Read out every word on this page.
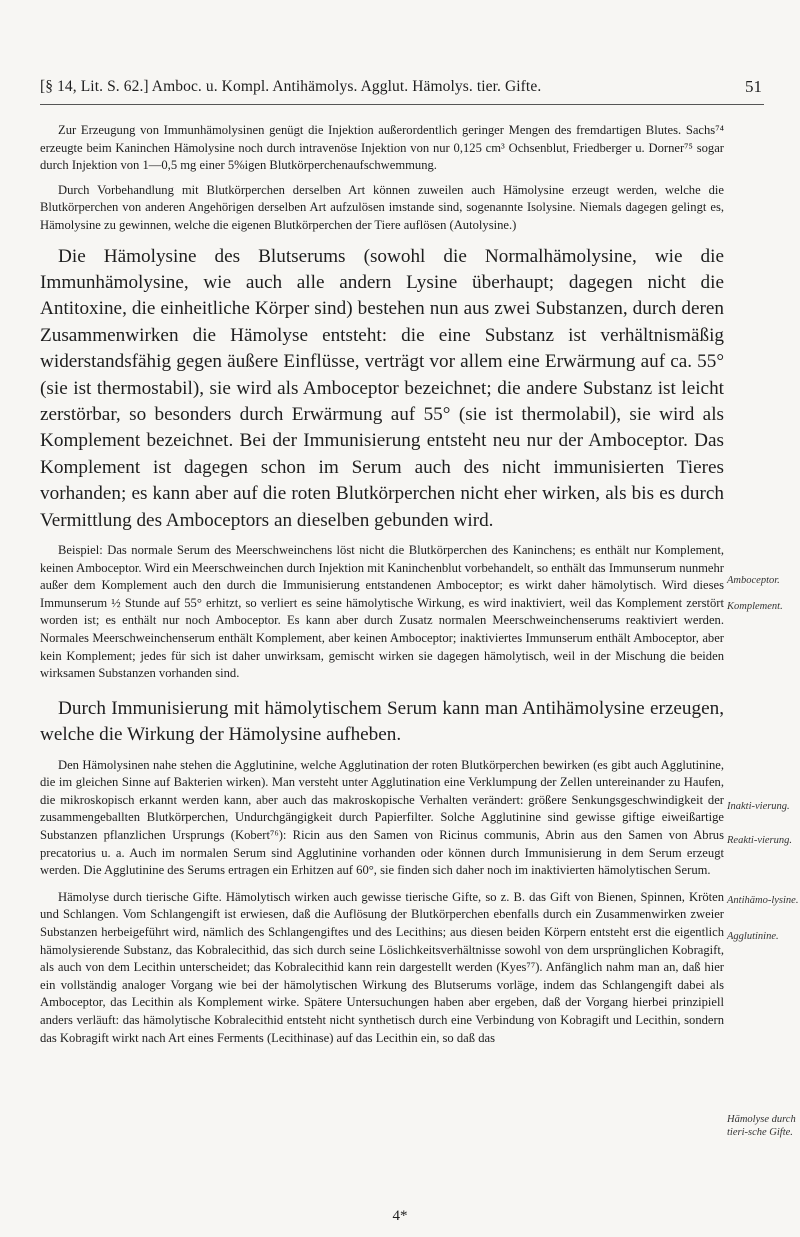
[§ 14, Lit. S. 62.] Amboc. u. Kompl. Antihämolys. Agglut. Hämolys. tier. Gifte.	51

Zur Erzeugung von Immunhämolysinen genügt die Injektion außerordentlich geringer Mengen des fremdartigen Blutes. Sachs⁷⁴ erzeugte beim Kaninchen Hämolysine noch durch intravenöse Injektion von nur 0,125 cm³ Ochsenblut, Friedberger u. Dorner⁷⁵ sogar durch Injektion von 1—0,5 mg einer 5%igen Blutkörperchenaufschwemmung.

Durch Vorbehandlung mit Blutkörperchen derselben Art können zuweilen auch Hämolysine erzeugt werden, welche die Blutkörperchen von anderen Angehörigen derselben Art aufzulösen imstande sind, sogenannte Isolysine. Niemals dagegen gelingt es, Hämolysine zu gewinnen, welche die eigenen Blutkörperchen der Tiere auflösen (Autolysine.)

Die Hämolysine des Blutserums (sowohl die Normalhämolysine, wie die Immunhämolysine, wie auch alle andern Lysine überhaupt; dagegen nicht die Antitoxine, die einheitliche Körper sind) bestehen nun aus zwei Substanzen, durch deren Zusammenwirken die Hämolyse entsteht: die eine Substanz ist verhältnismäßig widerstandsfähig gegen äußere Einflüsse, verträgt vor allem eine Erwärmung auf ca. 55° (sie ist thermostabil), sie wird als Amboceptor bezeichnet; die andere Substanz ist leicht zerstörbar, so besonders durch Erwärmung auf 55° (sie ist thermolabil), sie wird als Komplement bezeichnet. Bei der Immunisierung entsteht neu nur der Amboceptor. Das Komplement ist dagegen schon im Serum auch des nicht immunisierten Tieres vorhanden; es kann aber auf die roten Blutkörperchen nicht eher wirken, als bis es durch Vermittlung des Amboceptors an dieselben gebunden wird.

Beispiel: Das normale Serum des Meerschweinchens löst nicht die Blutkörperchen des Kaninchens; es enthält nur Komplement, keinen Amboceptor. Wird ein Meerschweinchen durch Injektion mit Kaninchenblut vorbehandelt, so enthält das Immunserum nunmehr außer dem Komplement auch den durch die Immunisierung entstandenen Amboceptor; es wirkt daher hämolytisch. Wird dieses Immunserum ½ Stunde auf 55° erhitzt, so verliert es seine hämolytische Wirkung, es wird inaktiviert, weil das Komplement zerstört worden ist; es enthält nur noch Amboceptor. Es kann aber durch Zusatz normalen Meerschweinchenserums reaktiviert werden. Normales Meerschweinchenserum enthält Komplement, aber keinen Amboceptor; inaktiviertes Immunserum enthält Amboceptor, aber kein Komplement; jedes für sich ist daher unwirksam, gemischt wirken sie dagegen hämolytisch, weil in der Mischung die beiden wirksamen Substanzen vorhanden sind.

Durch Immunisierung mit hämolytischem Serum kann man Antihämolysine erzeugen, welche die Wirkung der Hämolysine aufheben.

Den Hämolysinen nahe stehen die Agglutinine, welche Agglutination der roten Blutkörperchen bewirken (es gibt auch Agglutinine, die im gleichen Sinne auf Bakterien wirken). Man versteht unter Agglutination eine Verklumpung der Zellen untereinander zu Haufen, die mikroskopisch erkannt werden kann, aber auch das makroskopische Verhalten verändert: größere Senkungsgeschwindigkeit der zusammengeballten Blutkörperchen, Undurchgängigkeit durch Papierfilter. Solche Agglutinine sind gewisse giftige eiweißartige Substanzen pflanzlichen Ursprungs (Kobert⁷⁶): Ricin aus den Samen von Ricinus communis, Abrin aus den Samen von Abrus precatorius u. a. Auch im normalen Serum sind Agglutinine vorhanden oder können durch Immunisierung in dem Serum erzeugt werden. Die Agglutinine des Serums ertragen ein Erhitzen auf 60°, sie finden sich daher noch im inaktivierten hämolytischen Serum.

Hämolyse durch tierische Gifte. Hämolytisch wirken auch gewisse tierische Gifte, so z. B. das Gift von Bienen, Spinnen, Kröten und Schlangen. Vom Schlangengift ist erwiesen, daß die Auflösung der Blutkörperchen ebenfalls durch ein Zusammenwirken zweier Substanzen herbeigeführt wird, nämlich des Schlangengiftes und des Lecithins; aus diesen beiden Körpern entsteht erst die eigentlich hämolysierende Substanz, das Kobralecithid, das sich durch seine Löslichkeitsverhältnisse sowohl von dem ursprünglichen Kobragift, als auch von dem Lecithin unterscheidet; das Kobralecithid kann rein dargestellt werden (Kyes⁷⁷). Anfänglich nahm man an, daß hier ein vollständig analoger Vorgang wie bei der hämolytischen Wirkung des Blutserums vorläge, indem das Schlangengift dabei als Amboceptor, das Lecithin als Komplement wirke. Spätere Untersuchungen haben aber ergeben, daß der Vorgang hierbei prinzipiell anders verläuft: das hämolytische Kobralecithid entsteht nicht synthetisch durch eine Verbindung von Kobragift und Lecithin, sondern das Kobragift wirkt nach Art eines Ferments (Lecithinase) auf das Lecithin ein, so daß das

Amboceptor.
Komplement.
Inakti-vierung.
Reakti-vierung.
Antihämo-lysine.
Agglutinine.
Hämolyse durch tieri-sche Gifte.
4*
